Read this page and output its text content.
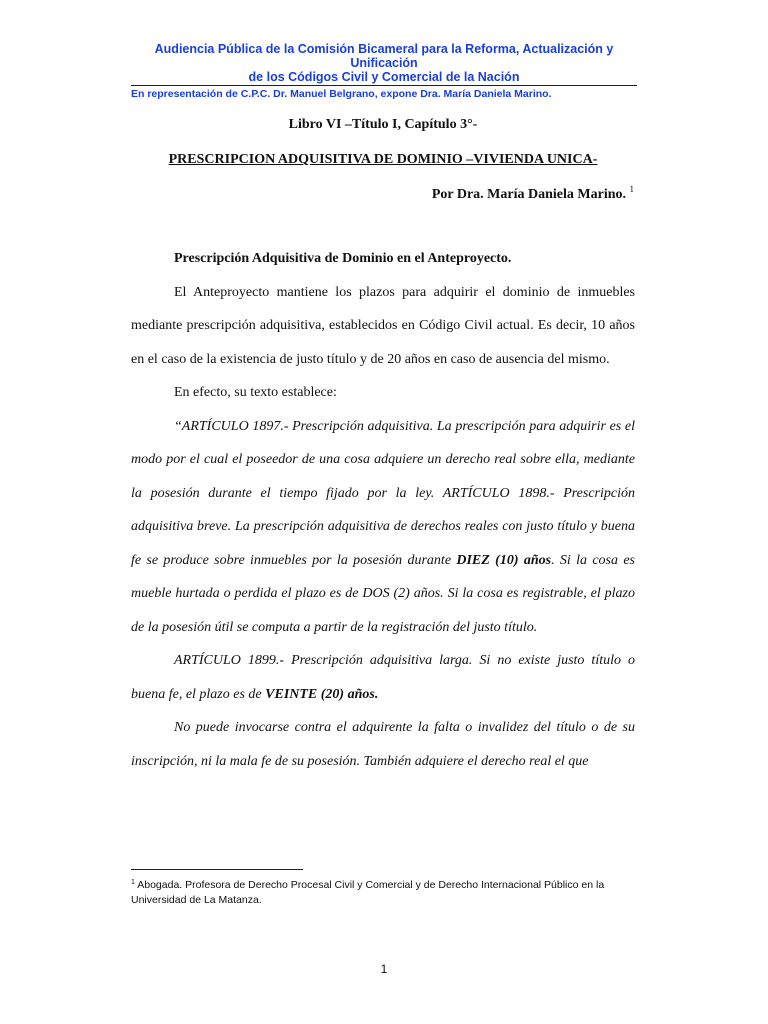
Audiencia Pública de la Comisión Bicameral para la Reforma, Actualización y Unificación
de los Códigos Civil y Comercial de la Nación
En representación de C.P.C. Dr. Manuel Belgrano, expone Dra. María Daniela Marino.
Libro VI –Título I, Capítulo 3°-
PRESCRIPCION ADQUISITIVA DE DOMINIO –VIVIENDA UNICA-
Por Dra. María Daniela Marino. $^1$

Prescripción Adquisitiva de Dominio en el Anteproyecto.

El Anteproyecto mantiene los plazos para adquirir el dominio de inmuebles mediante prescripción adquisitiva, establecidos en Código Civil actual. Es decir, 10 años en el caso de la existencia de justo título y de 20 años en caso de ausencia del mismo.

En efecto, su texto establece:

“ARTÍCULO 1897.- Prescripción adquisitiva. La prescripción para adquirir es el modo por el cual el poseedor de una cosa adquiere un derecho real sobre ella, mediante la posesión durante el tiempo fijado por la ley. ARTÍCULO 1898.- Prescripción adquisitiva breve. La prescripción adquisitiva de derechos reales con justo título y buena fe se produce sobre inmuebles por la posesión durante DIEZ (10) años. Si la cosa es mueble hurtada o perdida el plazo es de DOS (2) años. Si la cosa es registrable, el plazo de la posesión útil se computa a partir de la registración del justo título.

ARTÍCULO 1899.- Prescripción adquisitiva larga. Si no existe justo título o buena fe, el plazo es de VEINTE (20) años.

No puede invocarse contra el adquirente la falta o invalidez del título o de su inscripción, ni la mala fe de su posesión. También adquiere el derecho real el que

$^1$ Abogada. Profesora de Derecho Procesal Civil y Comercial y de Derecho Internacional Público en la Universidad de La Matanza.
1
